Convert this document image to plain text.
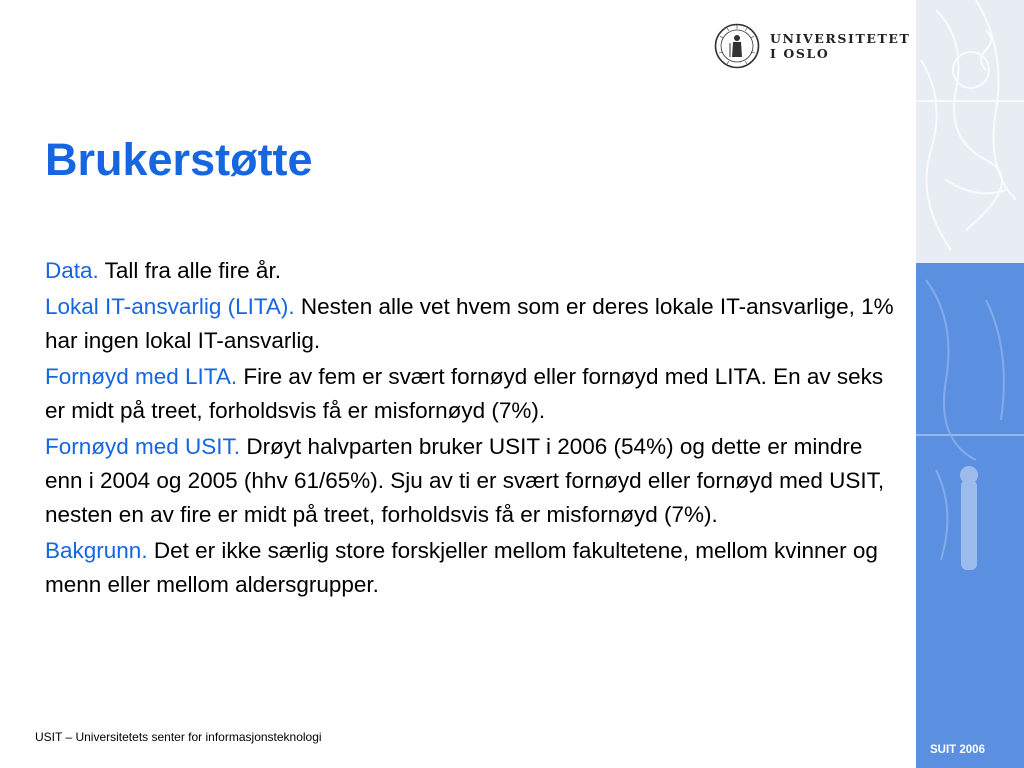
UNIVERSITETET
I OSLO
Brukerstøtte

Data. Tall fra alle fire år.

Lokal IT-ansvarlig (LITA). Nesten alle vet hvem som er deres lokale IT-ansvarlige, 1% har ingen lokal IT-ansvarlig.

Fornøyd med LITA. Fire av fem er svært fornøyd eller fornøyd med LITA. En av seks er midt på treet, forholdsvis få er misfornøyd (7%).

Fornøyd med USIT. Drøyt halvparten bruker USIT i 2006 (54%) og dette er mindre enn i 2004 og 2005 (hhv 61/65%). Sju av ti er svært fornøyd eller fornøyd med USIT, nesten en av fire er midt på treet, forholdsvis få er misfornøyd (7%).

Bakgrunn. Det er ikke særlig store forskjeller mellom fakultetene, mellom kvinner og menn eller mellom aldersgrupper.

USIT – Universitetets senter for informasjonsteknologi
SUIT 2006
